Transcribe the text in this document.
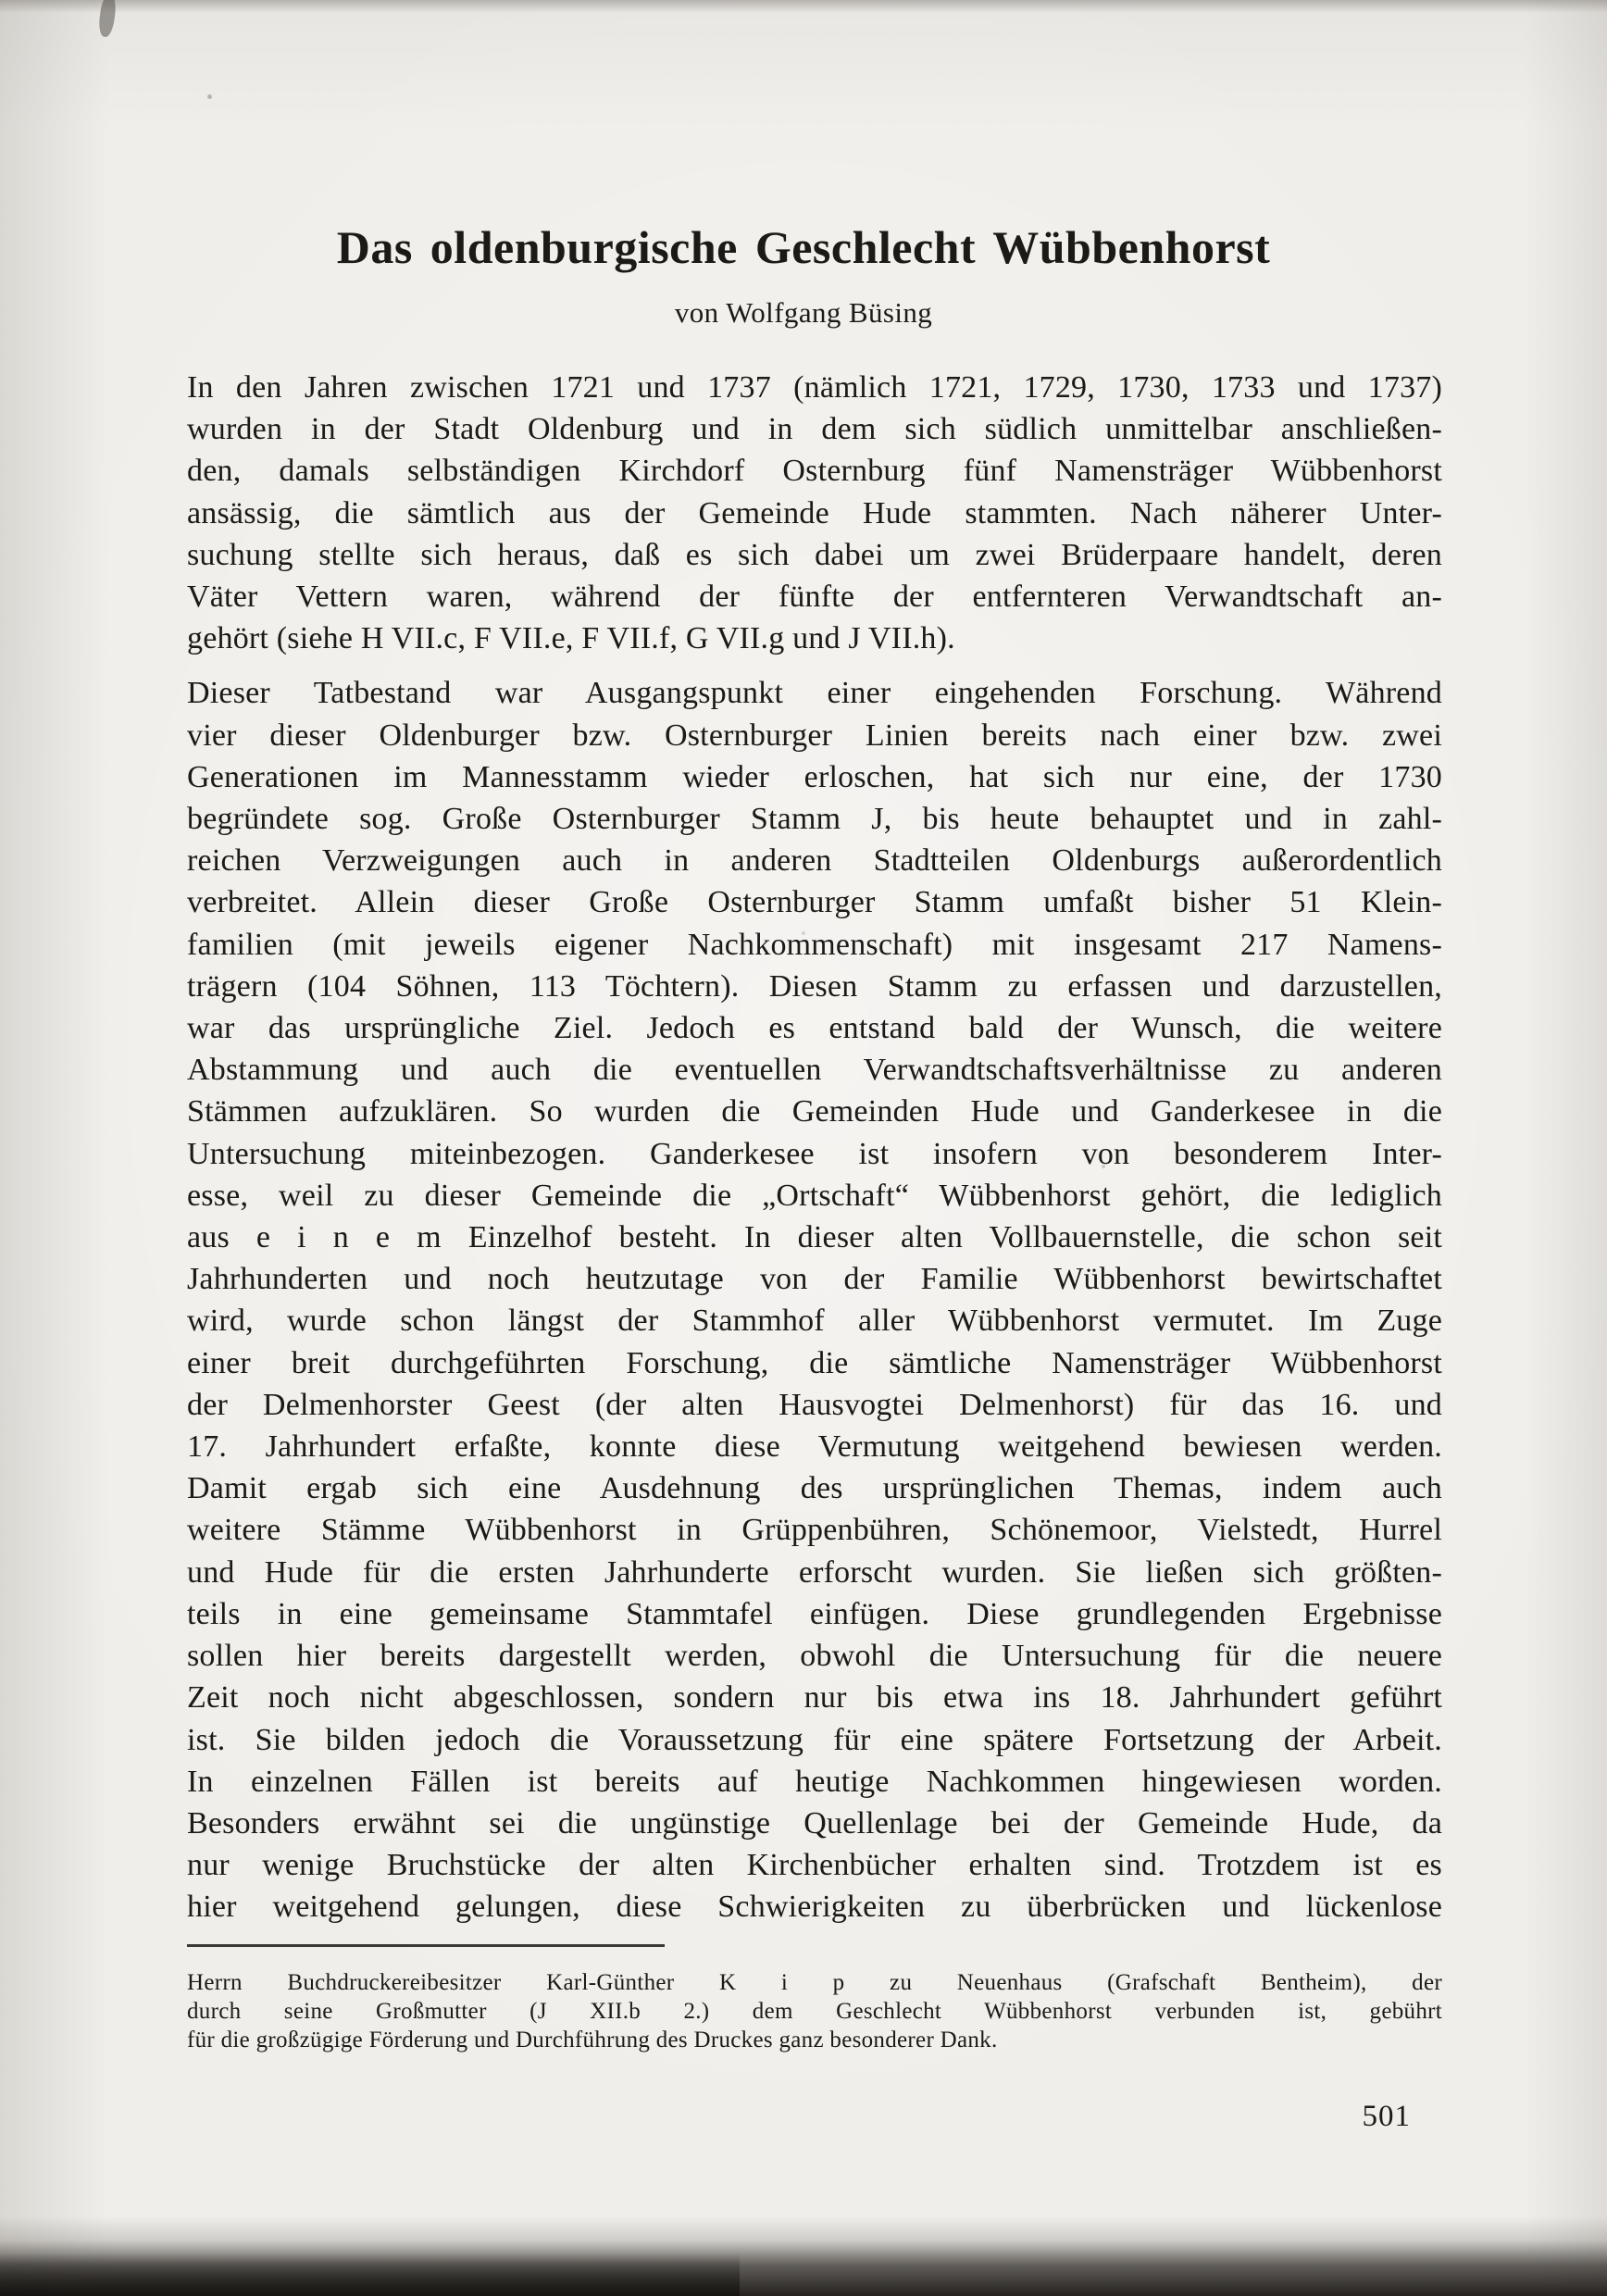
Das oldenburgische Geschlecht Wübbenhorst
von Wolfgang Büsing
In den Jahren zwischen 1721 und 1737 (nämlich 1721, 1729, 1730, 1733 und 1737)
wurden in der Stadt Oldenburg und in dem sich südlich unmittelbar anschließen-
den, damals selbständigen Kirchdorf Osternburg fünf Namensträger Wübbenhorst
ansässig, die sämtlich aus der Gemeinde Hude stammten. Nach näherer Unter-
suchung stellte sich heraus, daß es sich dabei um zwei Brüderpaare handelt, deren
Väter Vettern waren, während der fünfte der entfernteren Verwandtschaft an-
gehört (siehe H VII.c, F VII.e, F VII.f, G VII.g und J VII.h).
Dieser Tatbestand war Ausgangspunkt einer eingehenden Forschung. Während
vier dieser Oldenburger bzw. Osternburger Linien bereits nach einer bzw. zwei
Generationen im Mannesstamm wieder erloschen, hat sich nur eine, der 1730
begründete sog. Große Osternburger Stamm J, bis heute behauptet und in zahl-
reichen Verzweigungen auch in anderen Stadtteilen Oldenburgs außerordentlich
verbreitet. Allein dieser Große Osternburger Stamm umfaßt bisher 51 Klein-
familien (mit jeweils eigener Nachkommenschaft) mit insgesamt 217 Namens-
trägern (104 Söhnen, 113 Töchtern). Diesen Stamm zu erfassen und darzustellen,
war das ursprüngliche Ziel. Jedoch es entstand bald der Wunsch, die weitere
Abstammung und auch die eventuellen Verwandtschaftsverhältnisse zu anderen
Stämmen aufzuklären. So wurden die Gemeinden Hude und Ganderkesee in die
Untersuchung miteinbezogen. Ganderkesee ist insofern von besonderem Inter-
esse, weil zu dieser Gemeinde die „Ortschaft“ Wübbenhorst gehört, die lediglich
aus e i n e m Einzelhof besteht. In dieser alten Vollbauernstelle, die schon seit
Jahrhunderten und noch heutzutage von der Familie Wübbenhorst bewirtschaftet
wird, wurde schon längst der Stammhof aller Wübbenhorst vermutet. Im Zuge
einer breit durchgeführten Forschung, die sämtliche Namensträger Wübbenhorst
der Delmenhorster Geest (der alten Hausvogtei Delmenhorst) für das 16. und
17. Jahrhundert erfaßte, konnte diese Vermutung weitgehend bewiesen werden.
Damit ergab sich eine Ausdehnung des ursprünglichen Themas, indem auch
weitere Stämme Wübbenhorst in Grüppenbühren, Schönemoor, Vielstedt, Hurrel
und Hude für die ersten Jahrhunderte erforscht wurden. Sie ließen sich größten-
teils in eine gemeinsame Stammtafel einfügen. Diese grundlegenden Ergebnisse
sollen hier bereits dargestellt werden, obwohl die Untersuchung für die neuere
Zeit noch nicht abgeschlossen, sondern nur bis etwa ins 18. Jahrhundert geführt
ist. Sie bilden jedoch die Voraussetzung für eine spätere Fortsetzung der Arbeit.
In einzelnen Fällen ist bereits auf heutige Nachkommen hingewiesen worden.
Besonders erwähnt sei die ungünstige Quellenlage bei der Gemeinde Hude, da
nur wenige Bruchstücke der alten Kirchenbücher erhalten sind. Trotzdem ist es
hier weitgehend gelungen, diese Schwierigkeiten zu überbrücken und lückenlose
Herrn Buchdruckereibesitzer Karl-Günther K i p zu Neuenhaus (Grafschaft Bentheim), der
durch seine Großmutter (J XII.b 2.) dem Geschlecht Wübbenhorst verbunden ist, gebührt
für die großzügige Förderung und Durchführung des Druckes ganz besonderer Dank.
501
